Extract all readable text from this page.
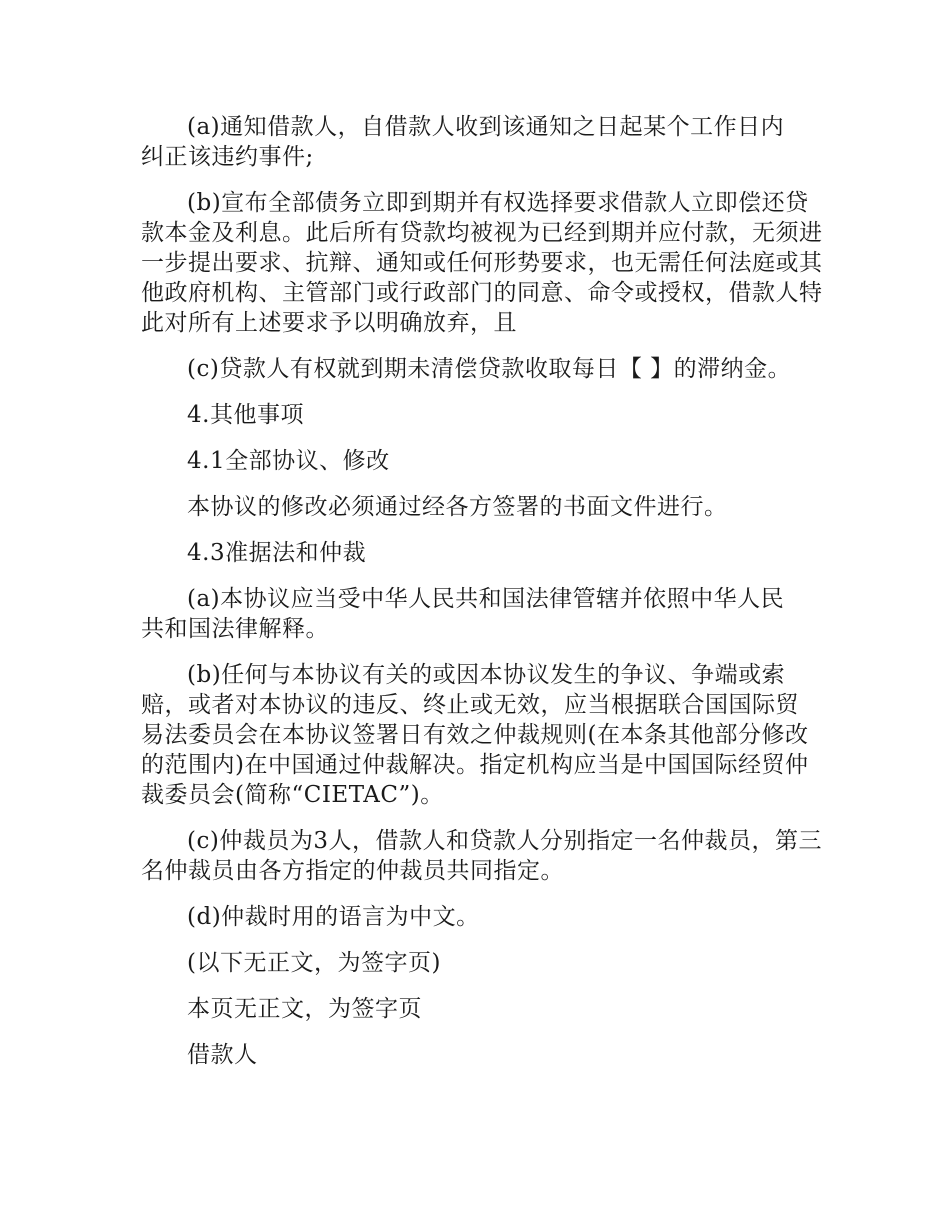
(a)通知借款人，自借款人收到该通知之日起某个工作日内纠正该违约事件;

(b)宣布全部债务立即到期并有权选择要求借款人立即偿还贷款本金及利息。此后所有贷款均被视为已经到期并应付款，无须进一步提出要求、抗辩、通知或任何形势要求，也无需任何法庭或其他政府机构、主管部门或行政部门的同意、命令或授权，借款人特此对所有上述要求予以明确放弃，且

(c)贷款人有权就到期未清偿贷款收取每日【 】的滞纳金。

4.其他事项

4.1全部协议、修改

本协议的修改必须通过经各方签署的书面文件进行。

4.3准据法和仲裁

(a)本协议应当受中华人民共和国法律管辖并依照中华人民共和国法律解释。

(b)任何与本协议有关的或因本协议发生的争议、争端或索赔，或者对本协议的违反、终止或无效，应当根据联合国国际贸易法委员会在本协议签署日有效之仲裁规则(在本条其他部分修改的范围内)在中国通过仲裁解决。指定机构应当是中国国际经贸仲裁委员会(简称“CIETAC”)。

(c)仲裁员为3人，借款人和贷款人分别指定一名仲裁员，第三名仲裁员由各方指定的仲裁员共同指定。

(d)仲裁时用的语言为中文。

(以下无正文，为签字页)

本页无正文，为签字页

借款人
